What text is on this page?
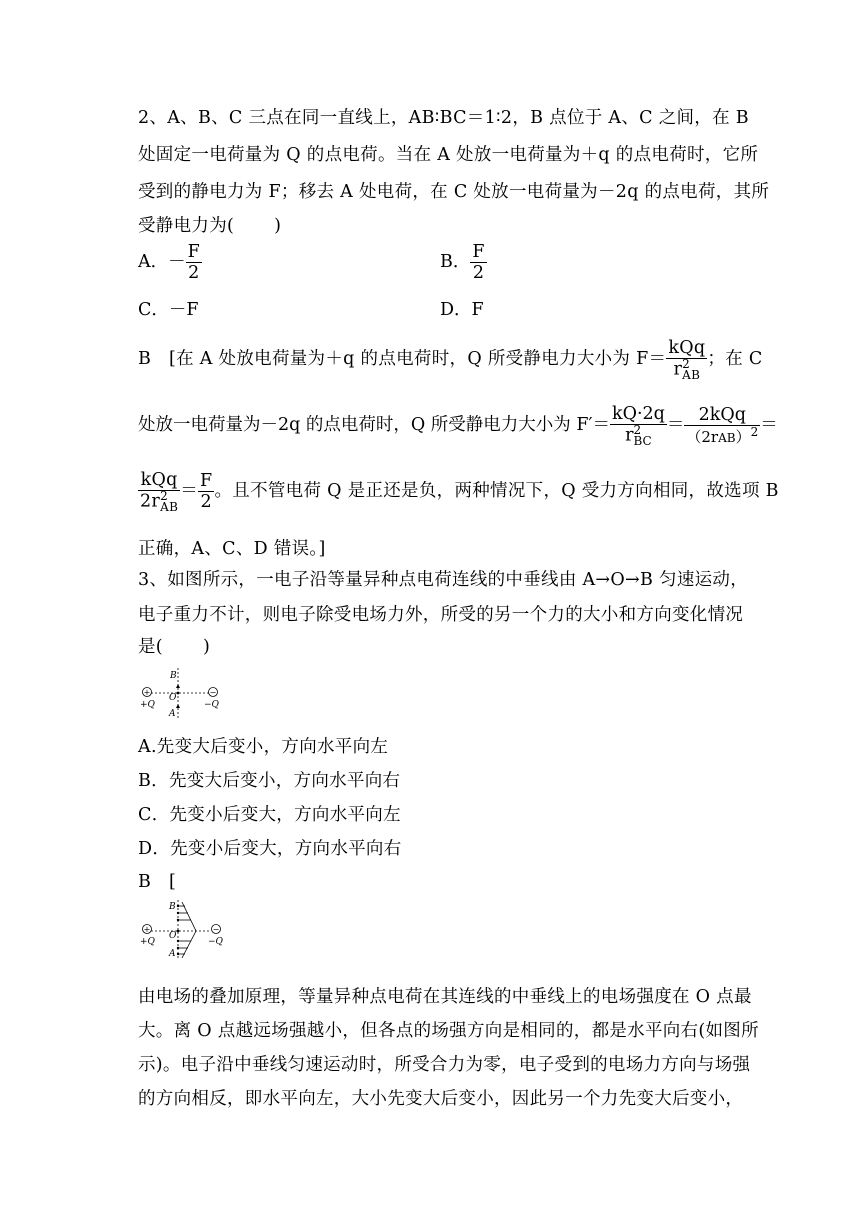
2、A、B、C 三点在同一直线上，AB∶BC＝1∶2，B 点位于 A、C 之间，在 B
处固定一电荷量为 Q 的点电荷。当在 A 处放一电荷量为＋q 的点电荷时，它所
受到的静电力为 F；移去 A 处电荷，在 C 处放一电荷量为－2q 的点电荷，其所
受静电力为( )
A．－ $\frac{F}{2}$	B． $\frac{F}{2}$
C．－F	D．F
B　[在 A 处放电荷量为＋q 的点电荷时，Q 所受静电力大小为 F＝ kQq
r 2
AB ；在 C
处放一电荷量为－2q 的点电荷时，Q 所受静电力大小为 F′＝ kQ·2q
r 2
BC ＝ $\frac{\text{2kQq}}{(2rAB)^2}$ ＝
kQq
2r 2
AB ＝ $\frac{F}{2}$ 。且不管电荷 Q 是正还是负，两种情况下，Q 受力方向相同，故选项 B
正确，A、C、D 错误。]
3、如图所示，一电子沿等量异种点电荷连线的中垂线由 A→O→B 匀速运动，
电子重力不计，则电子除受电场力外，所受的另一个力的大小和方向变化情况
是( )
+	−
+Q	−Q
B
O
A
A.先变大后变小，方向水平向左
B．先变大后变小，方向水平向右
C．先变小后变大，方向水平向左
D．先变小后变大，方向水平向右
B　[
+	−
+Q	−Q
B
O
A
由电场的叠加原理，等量异种点电荷在其连线的中垂线上的电场强度在 O 点最
大。离 O 点越远场强越小，但各点的场强方向是相同的，都是水平向右(如图所
示)。电子沿中垂线匀速运动时，所受合力为零，电子受到的电场力方向与场强
的方向相反，即水平向左，大小先变大后变小，因此另一个力先变大后变小，
